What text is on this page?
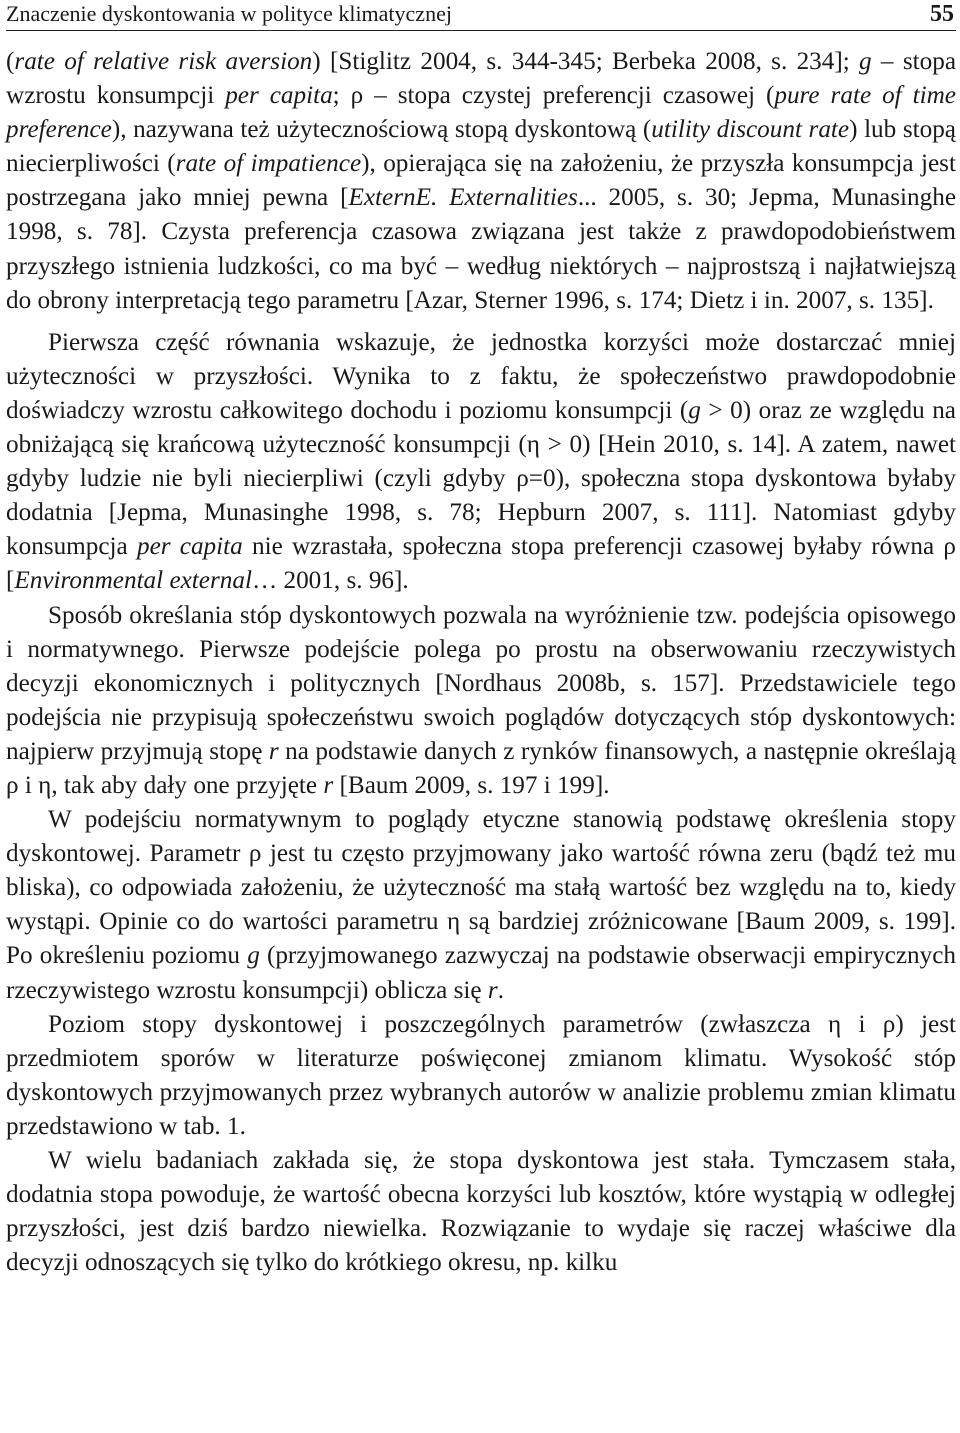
Znaczenie dyskontowania w polityce klimatycznej	55

(rate of relative risk aversion) [Stiglitz 2004, s. 344-345; Berbeka 2008, s. 234]; g – stopa wzrostu konsumpcji per capita; ρ – stopa czystej preferencji czasowej (pure rate of time preference), nazywana też użytecznościową stopą dyskontową (utility discount rate) lub stopą niecierpliwości (rate of impatience), opierająca się na założeniu, że przyszła konsumpcja jest postrzegana jako mniej pewna [ExternE. Externalities... 2005, s. 30; Jepma, Munasinghe 1998, s. 78]. Czysta preferencja czasowa związana jest także z prawdopodobieństwem przyszłego istnienia ludzkości, co ma być – według niektórych – najprostszą i najłatwiejszą do obrony interpretacją tego parametru [Azar, Sterner 1996, s. 174; Dietz i in. 2007, s. 135].

Pierwsza część równania wskazuje, że jednostka korzyści może dostarczać mniej użyteczności w przyszłości. Wynika to z faktu, że społeczeństwo prawdopodobnie doświadczy wzrostu całkowitego dochodu i poziomu konsumpcji (g > 0) oraz ze względu na obniżającą się krańcową użyteczność konsumpcji (η > 0) [Hein 2010, s. 14]. A zatem, nawet gdyby ludzie nie byli niecierpliwi (czyli gdyby ρ=0), społeczna stopa dyskontowa byłaby dodatnia [Jepma, Munasinghe 1998, s. 78; Hepburn 2007, s. 111]. Natomiast gdyby konsumpcja per capita nie wzrastała, społeczna stopa preferencji czasowej byłaby równa ρ [Environmental external… 2001, s. 96].

Sposób określania stóp dyskontowych pozwala na wyróżnienie tzw. podejścia opisowego i normatywnego. Pierwsze podejście polega po prostu na obserwowaniu rzeczywistych decyzji ekonomicznych i politycznych [Nordhaus 2008b, s. 157]. Przedstawiciele tego podejścia nie przypisują społeczeństwu swoich poglądów dotyczących stóp dyskontowych: najpierw przyjmują stopę r na podstawie danych z rynków finansowych, a następnie określają ρ i η, tak aby dały one przyjęte r [Baum 2009, s. 197 i 199].

W podejściu normatywnym to poglądy etyczne stanowią podstawę określenia stopy dyskontowej. Parametr ρ jest tu często przyjmowany jako wartość równa zeru (bądź też mu bliska), co odpowiada założeniu, że użyteczność ma stałą wartość bez względu na to, kiedy wystąpi. Opinie co do wartości parametru η są bardziej zróżnicowane [Baum 2009, s. 199]. Po określeniu poziomu g (przyjmowanego zazwyczaj na podstawie obserwacji empirycznych rzeczywistego wzrostu konsumpcji) oblicza się r.

Poziom stopy dyskontowej i poszczególnych parametrów (zwłaszcza η i ρ) jest przedmiotem sporów w literaturze poświęconej zmianom klimatu. Wysokość stóp dyskontowych przyjmowanych przez wybranych autorów w analizie problemu zmian klimatu przedstawiono w tab. 1.

W wielu badaniach zakłada się, że stopa dyskontowa jest stała. Tymczasem stała, dodatnia stopa powoduje, że wartość obecna korzyści lub kosztów, które wystąpią w odległej przyszłości, jest dziś bardzo niewielka. Rozwiązanie to wydaje się raczej właściwe dla decyzji odnoszących się tylko do krótkiego okresu, np. kilku
